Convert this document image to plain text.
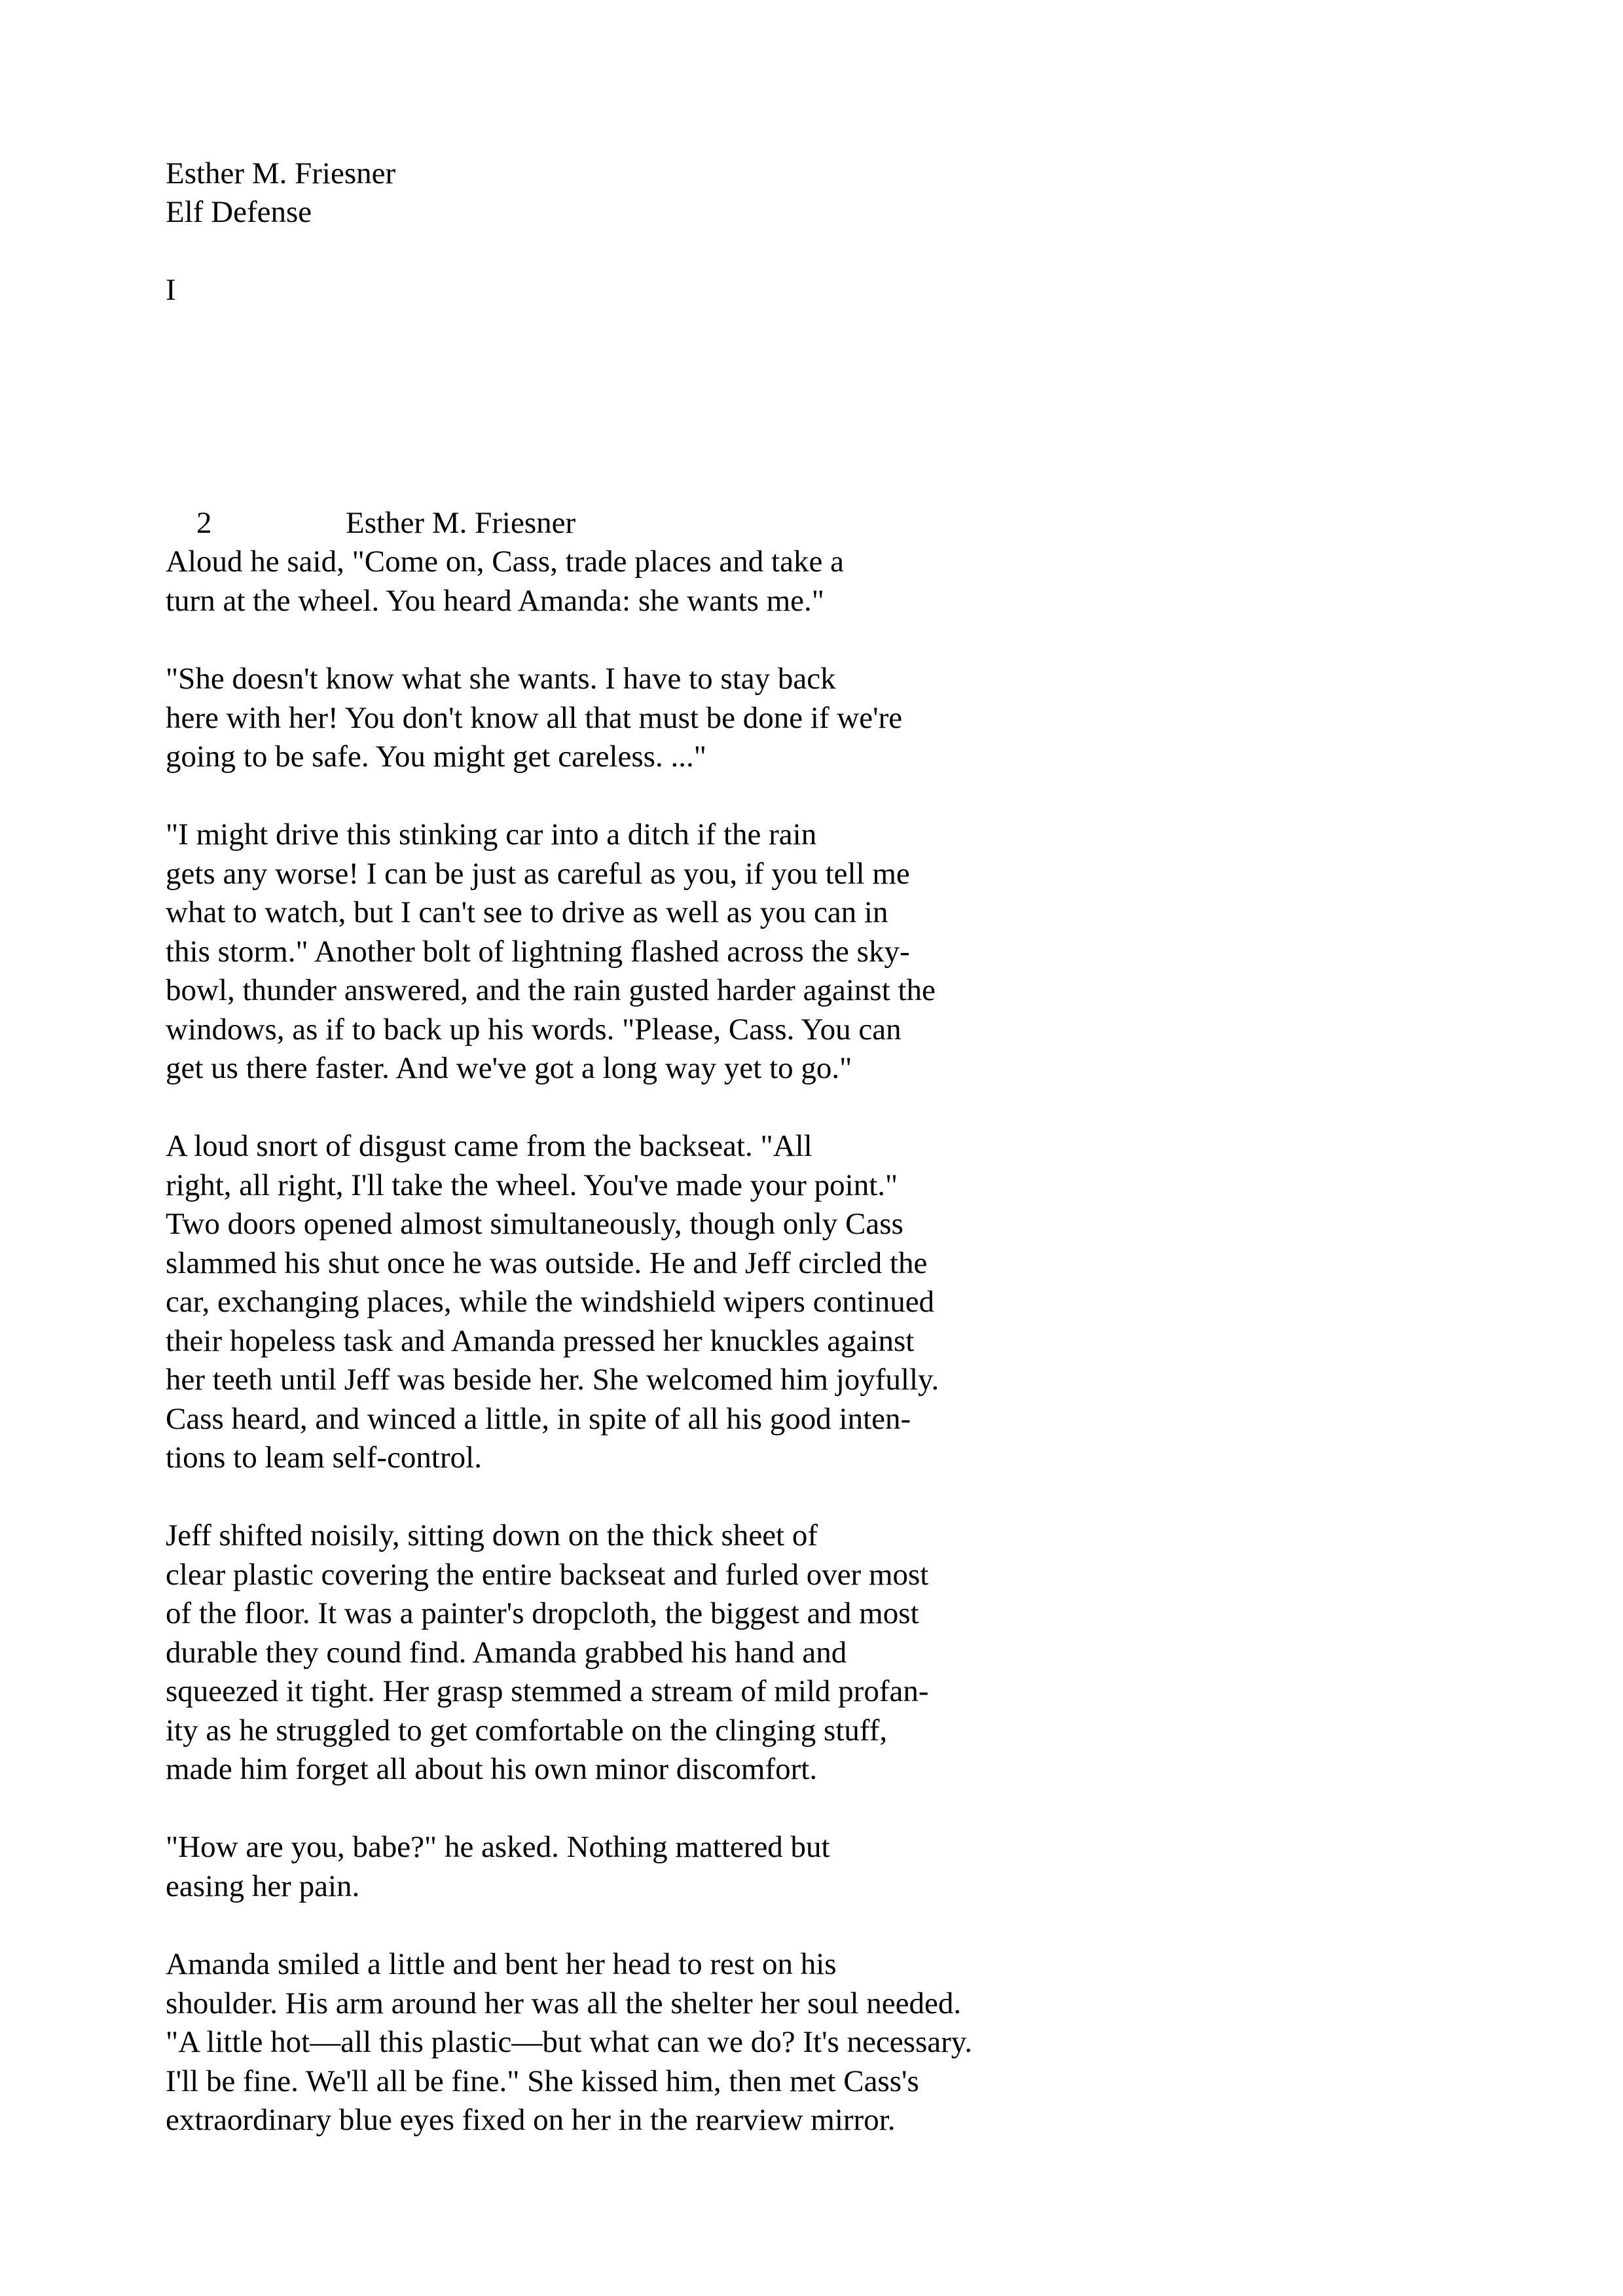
Esther M. Friesner
Elf Defense
I

2	Esther M. Friesner

Aloud he said, "Come on, Cass, trade places and take a
turn at the wheel. You heard Amanda: she wants me."
"She doesn't know what she wants. I have to stay back
here with her! You don't know all that must be done if we're
going to be safe. You might get careless. ..."
"I might drive this stinking car into a ditch if the rain
gets any worse! I can be just as careful as you, if you tell me
what to watch, but I can't see to drive as well as you can in
this storm." Another bolt of lightning flashed across the sky-
bowl, thunder answered, and the rain gusted harder against the
windows, as if to back up his words. "Please, Cass. You can
get us there faster. And we've got a long way yet to go."
A loud snort of disgust came from the backseat. "All
right, all right, I'll take the wheel. You've made your point."
Two doors opened almost simultaneously, though only Cass
slammed his shut once he was outside. He and Jeff circled the
car, exchanging places, while the windshield wipers continued
their hopeless task and Amanda pressed her knuckles against
her teeth until Jeff was beside her. She welcomed him joyfully.
Cass heard, and winced a little, in spite of all his good inten-
tions to leam self-control.
Jeff shifted noisily, sitting down on the thick sheet of
clear plastic covering the entire backseat and furled over most
of the floor. It was a painter's dropcloth, the biggest and most
durable they cound find. Amanda grabbed his hand and
squeezed it tight. Her grasp stemmed a stream of mild profan-
ity as he struggled to get comfortable on the clinging stuff,
made him forget all about his own minor discomfort.
"How are you, babe?" he asked. Nothing mattered but
easing her pain.
Amanda smiled a little and bent her head to rest on his
shoulder. His arm around her was all the shelter her soul needed.
"A little hot—all this plastic—but what can we do? It's necessary.
I'll be fine. We'll all be fine." She kissed him, then met Cass's
extraordinary blue eyes fixed on her in the rearview mirror.
